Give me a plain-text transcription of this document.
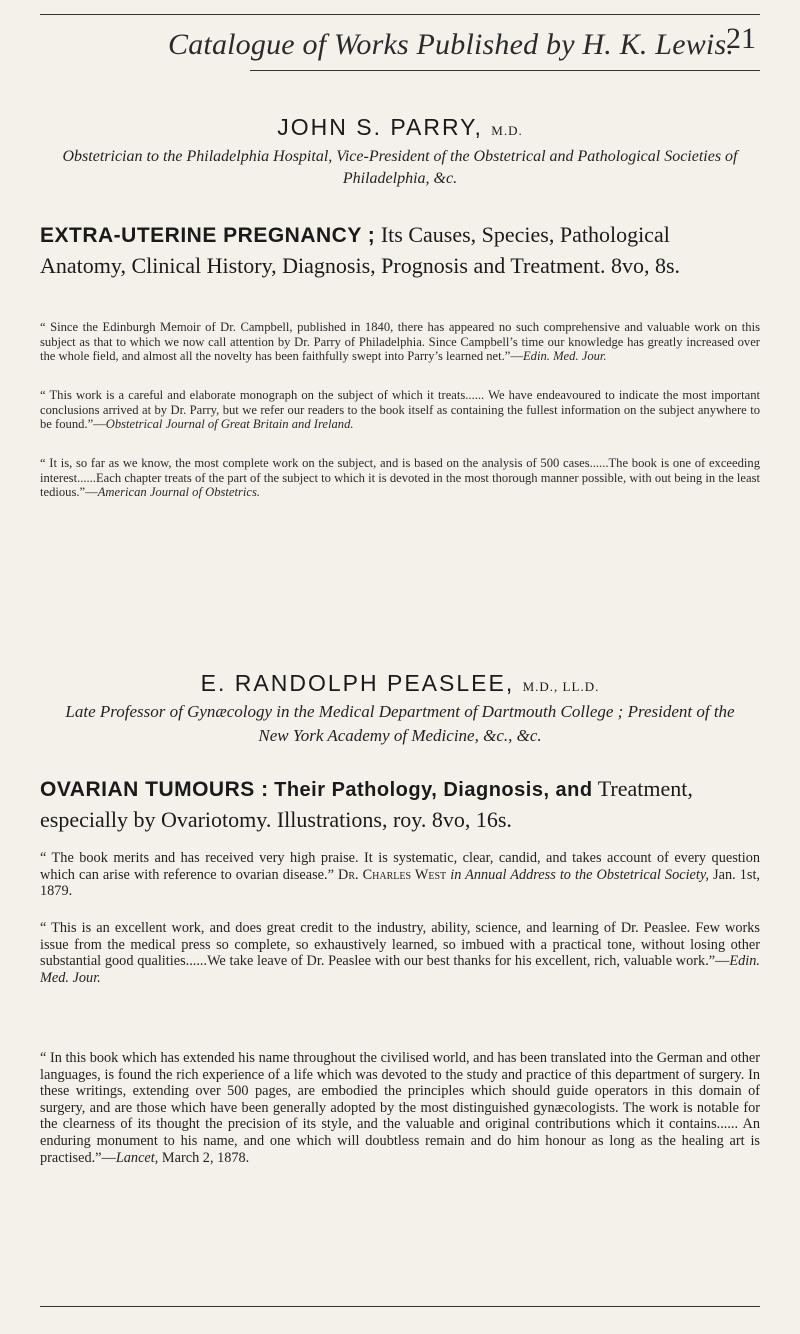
Catalogue of Works Published by H. K. Lewis.
21
JOHN S. PARRY, M.D.
Obstetrician to the Philadelphia Hospital, Vice-President of the Obstetrical and Pathological Societies of Philadelphia, &c.
EXTRA-UTERINE PREGNANCY ; Its Causes, Species, Pathological Anatomy, Clinical History, Diagnosis, Prognosis and Treatment. 8vo, 8s.
“ Since the Edinburgh Memoir of Dr. Campbell, published in 1840, there has appeared no such comprehensive and valuable work on this subject as that to which we now call attention by Dr. Parry of Philadelphia. Since Campbell’s time our knowledge has greatly increased over the whole field, and almost all the novelty has been faithfully swept into Parry’s learned net.”—Edin. Med. Jour.
“ This work is a careful and elaborate monograph on the subject of which it treats...... We have endeavoured to indicate the most important conclusions arrived at by Dr. Parry, but we refer our readers to the book itself as containing the fullest information on the subject anywhere to be found.”—Obstetrical Journal of Great Britain and Ireland.
“ It is, so far as we know, the most complete work on the subject, and is based on the analysis of 500 cases......The book is one of exceeding interest......Each chapter treats of the part of the subject to which it is devoted in the most thorough manner possible, with out being in the least tedious.”—American Journal of Obstetrics.
E. RANDOLPH PEASLEE, M.D., LL.D.
Late Professor of Gynæcology in the Medical Department of Dartmouth College ; President of the New York Academy of Medicine, &c., &c.
OVARIAN TUMOURS : Their Pathology, Diagnosis, and Treatment, especially by Ovariotomy. Illustrations, roy. 8vo, 16s.
“ The book merits and has received very high praise. It is systematic, clear, candid, and takes account of every question which can arise with reference to ovarian disease.” Dr. Charles West in Annual Address to the Obstetrical Society, Jan. 1st, 1879.
“ This is an excellent work, and does great credit to the industry, ability, science, and learning of Dr. Peaslee. Few works issue from the medical press so complete, so exhaustively learned, so imbued with a practical tone, without losing other substantial good qualities......We take leave of Dr. Peaslee with our best thanks for his excellent, rich, valuable work.”—Edin. Med. Jour.
“ In this book which has extended his name throughout the civilised world, and has been translated into the German and other languages, is found the rich experience of a life which was devoted to the study and practice of this department of surgery. In these writings, extending over 500 pages, are embodied the principles which should guide operators in this domain of surgery, and are those which have been generally adopted by the most distinguished gynæcologists. The work is notable for the clearness of its thought the precision of its style, and the valuable and original contributions which it contains...... An enduring monument to his name, and one which will doubtless remain and do him honour as long as the healing art is practised.”—Lancet, March 2, 1878.
